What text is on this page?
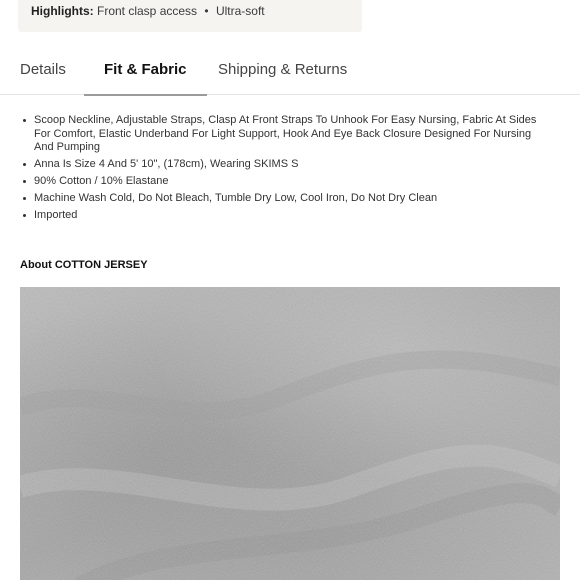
Highlights: Front clasp access • Ultra-soft
Details	Fit & Fabric Shipping & Returns
Scoop Neckline, Adjustable Straps, Clasp At Front Straps To Unhook For Easy Nursing, Fabric At Sides For Comfort, Elastic Underband For Light Support, Hook And Eye Back Closure Designed For Nursing And Pumping
Anna Is Size 4 And 5' 10", (178cm), Wearing SKIMS S
90% Cotton / 10% Elastane
Machine Wash Cold, Do Not Bleach, Tumble Dry Low, Cool Iron, Do Not Dry Clean
Imported
About COTTON JERSEY
